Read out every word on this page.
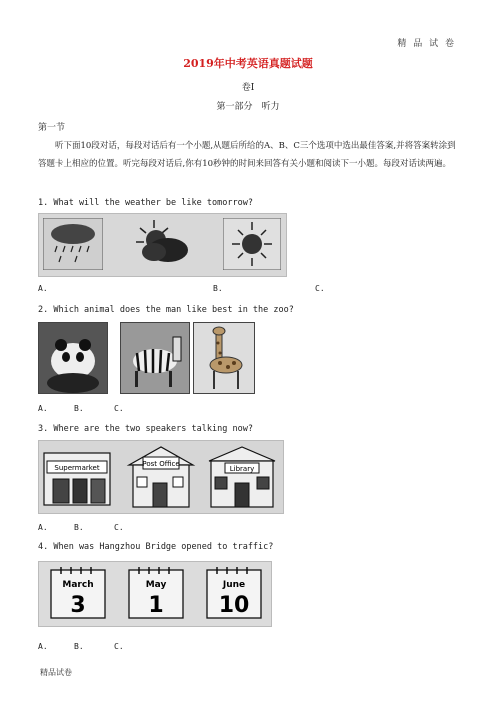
精 品 试 卷
2019年中考英语真题试题
卷Ⅰ
第一部分　听力
第一节
听下面10段对话，每段对话后有一个小题,从题后所给的A、B、C三个选项中选出最佳答案,并将答案转涂到答题卡上相应的位置。听完每段对话后,你有10秒钟的时间来回答有关小题和阅读下一小题。每段对话读两遍。
1. What will the weather be like tomorrow?
A.	B.	C.
2. Which animal does the man like best in the zoo?
A.	B.	C.
3. Where are the two speakers talking now?
Supermarket	Post Office
Library
A.	B.	C.
4. When was Hangzhou Bridge opened to traffic?
March
3
May
1
June
10
A.	B.	C.
精品试卷
